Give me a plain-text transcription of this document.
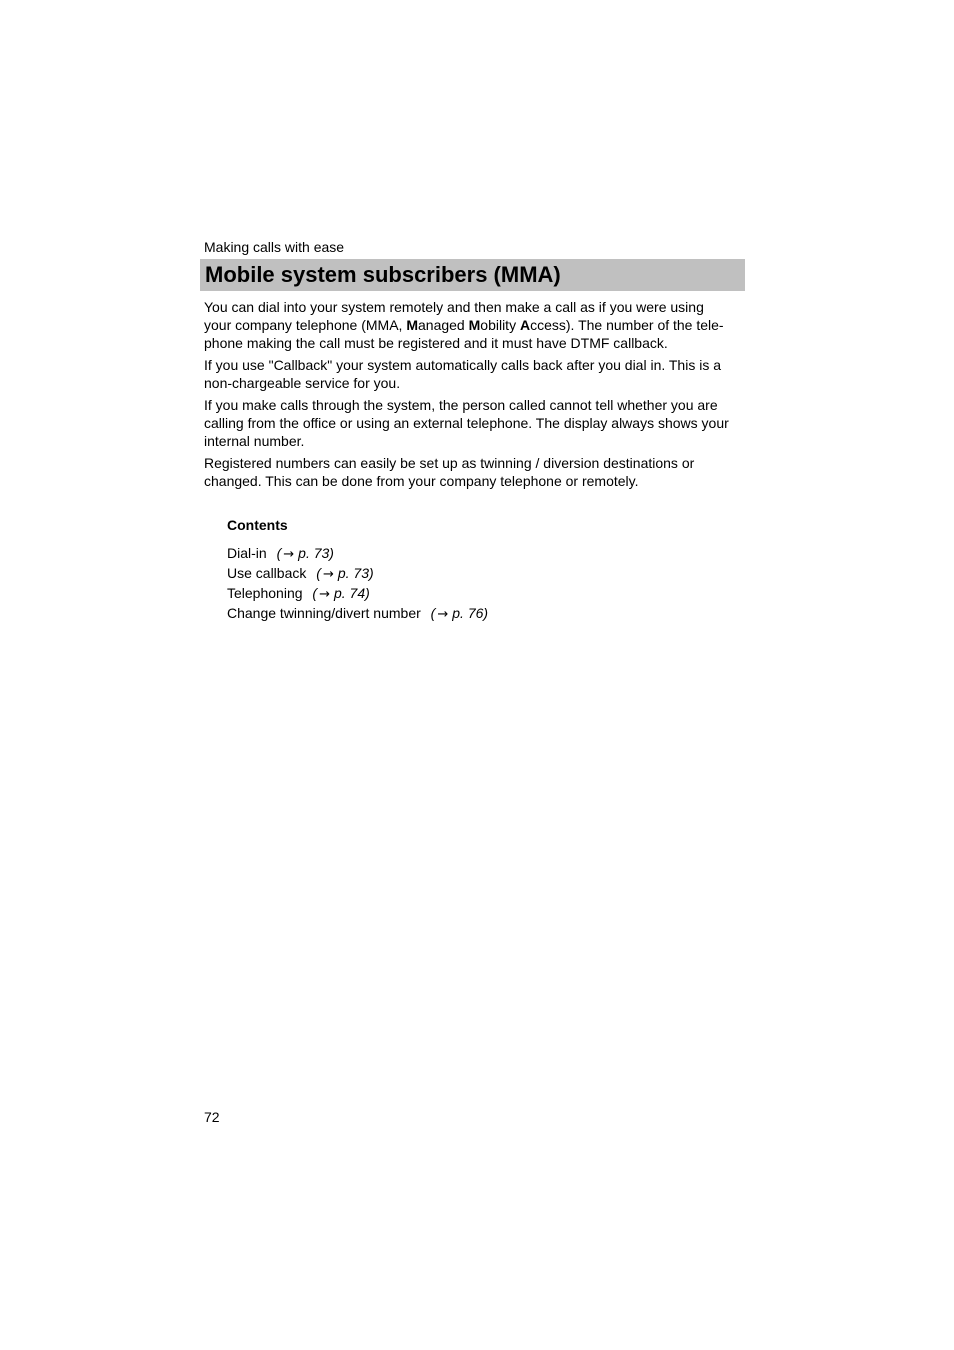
Making calls with ease
Mobile system subscribers (MMA)

You can dial into your system remotely and then make a call as if you were using
your company telephone (MMA, Managed Mobility Access). The number of the tele-
phone making the call must be registered and it must have DTMF callback.

If you use "Callback" your system automatically calls back after you dial in. This is a
non-chargeable service for you.

If you make calls through the system, the person called cannot tell whether you are
calling from the office or using an external telephone. The display always shows your
internal number.

Registered numbers can easily be set up as twinning / diversion destinations or
changed. This can be done from your company telephone or remotely.

Contents
Dial-in ( → p. 73)
Use callback ( → p. 73)
Telephoning ( → p. 74)
Change twinning/divert number ( → p. 76)
72
